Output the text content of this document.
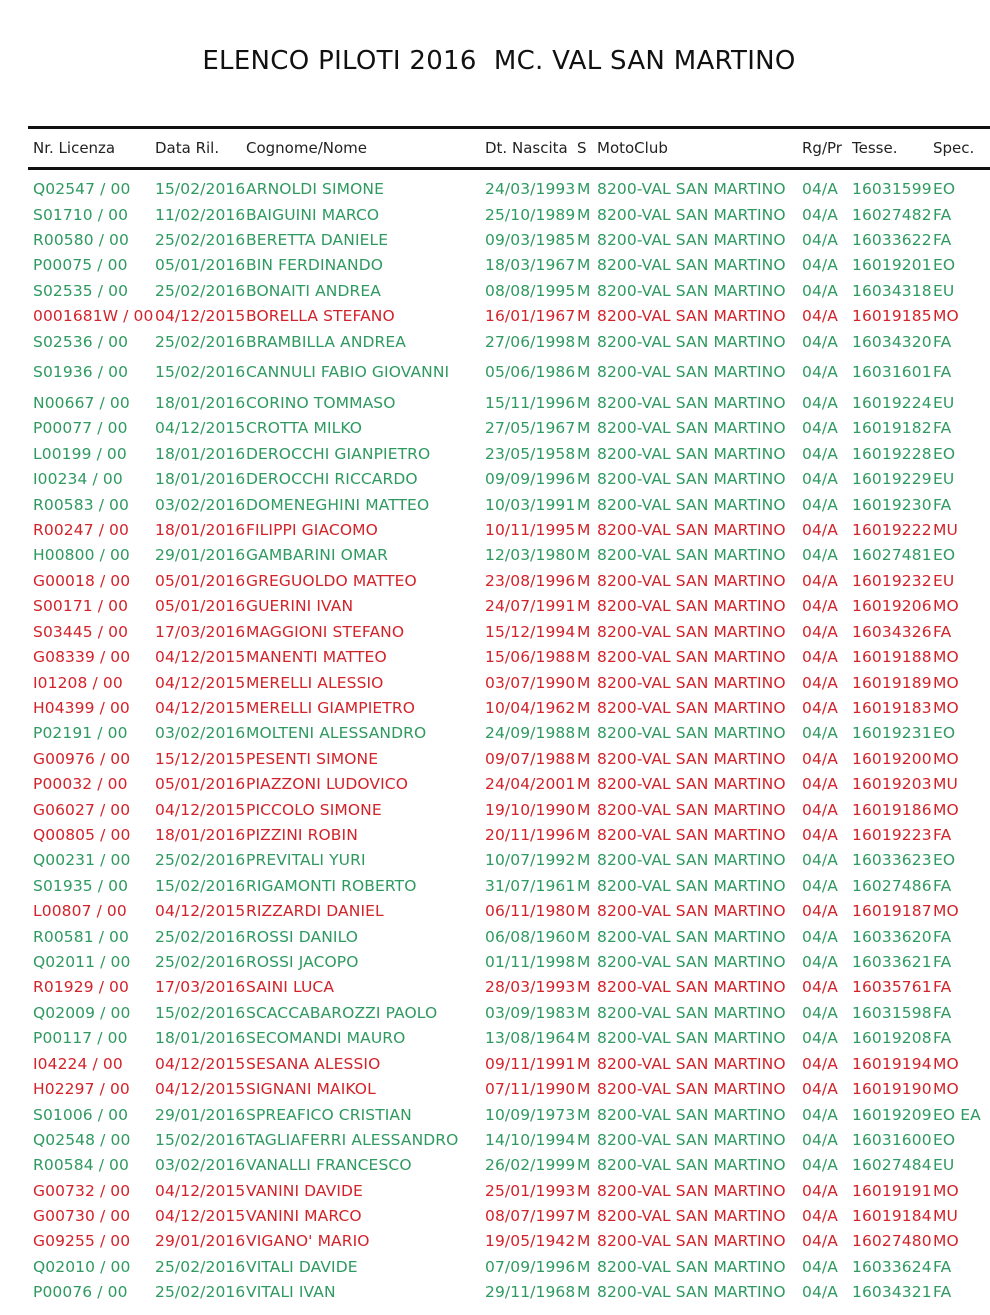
ELENCO PILOTI 2016  MC. VAL SAN MARTINO
Nr. Licenza	Data Ril. Cognome/Nome	Dt. Nascita S MotoClub	Rg/Pr Tesse. Spec.
Q02547 / 00 15/02/2016 ARNOLDI SIMONE	24/03/1993 M 8200-VAL SAN MARTINO 04/A 16031599 EO
S01710 / 00 11/02/2016 BAIGUINI MARCO	25/10/1989 M 8200-VAL SAN MARTINO 04/A 16027482 FA
R00580 / 00 25/02/2016 BERETTA DANIELE	09/03/1985 M 8200-VAL SAN MARTINO 04/A 16033622 FA
P00075 / 00 05/01/2016 BIN FERDINANDO	18/03/1967 M 8200-VAL SAN MARTINO 04/A 16019201 EO
S02535 / 00 25/02/2016 BONAITI ANDREA	08/08/1995 M 8200-VAL SAN MARTINO 04/A 16034318 EU
0001681W / 00 04/12/2015 BORELLA STEFANO	16/01/1967 M 8200-VAL SAN MARTINO 04/A 16019185 MO
S02536 / 00 25/02/2016 BRAMBILLA ANDREA	27/06/1998 M 8200-VAL SAN MARTINO 04/A 16034320 FA
S01936 / 00 15/02/2016 CANNULI FABIO GIOVANNI 05/06/1986 M 8200-VAL SAN MARTINO 04/A 16031601 FA
N00667 / 00 18/01/2016 CORINO TOMMASO	15/11/1996 M 8200-VAL SAN MARTINO 04/A 16019224 EU
P00077 / 00 04/12/2015 CROTTA MILKO	27/05/1967 M 8200-VAL SAN MARTINO 04/A 16019182 FA
L00199 / 00 18/01/2016 DEROCCHI GIANPIETRO	23/05/1958 M 8200-VAL SAN MARTINO 04/A 16019228 EO
I00234 / 00 18/01/2016 DEROCCHI RICCARDO	09/09/1996 M 8200-VAL SAN MARTINO 04/A 16019229 EU
R00583 / 00 03/02/2016 DOMENEGHINI MATTEO	10/03/1991 M 8200-VAL SAN MARTINO 04/A 16019230 FA
R00247 / 00 18/01/2016 FILIPPI GIACOMO	10/11/1995 M 8200-VAL SAN MARTINO 04/A 16019222 MU
H00800 / 00 29/01/2016 GAMBARINI OMAR	12/03/1980 M 8200-VAL SAN MARTINO 04/A 16027481 EO
G00018 / 00 05/01/2016 GREGUOLDO MATTEO	23/08/1996 M 8200-VAL SAN MARTINO 04/A 16019232 EU
S00171 / 00 05/01/2016 GUERINI IVAN	24/07/1991 M 8200-VAL SAN MARTINO 04/A 16019206 MO
S03445 / 00 17/03/2016 MAGGIONI STEFANO	15/12/1994 M 8200-VAL SAN MARTINO 04/A 16034326 FA
G08339 / 00 04/12/2015 MANENTI MATTEO	15/06/1988 M 8200-VAL SAN MARTINO 04/A 16019188 MO
I01208 / 00 04/12/2015 MERELLI ALESSIO	03/07/1990 M 8200-VAL SAN MARTINO 04/A 16019189 MO
H04399 / 00 04/12/2015 MERELLI GIAMPIETRO	10/04/1962 M 8200-VAL SAN MARTINO 04/A 16019183 MO
P02191 / 00 03/02/2016 MOLTENI ALESSANDRO	24/09/1988 M 8200-VAL SAN MARTINO 04/A 16019231 EO
G00976 / 00 15/12/2015 PESENTI SIMONE	09/07/1988 M 8200-VAL SAN MARTINO 04/A 16019200 MO
P00032 / 00 05/01/2016 PIAZZONI LUDOVICO	24/04/2001 M 8200-VAL SAN MARTINO 04/A 16019203 MU
G06027 / 00 04/12/2015 PICCOLO SIMONE	19/10/1990 M 8200-VAL SAN MARTINO 04/A 16019186 MO
Q00805 / 00 18/01/2016 PIZZINI ROBIN	20/11/1996 M 8200-VAL SAN MARTINO 04/A 16019223 FA
Q00231 / 00 25/02/2016 PREVITALI YURI	10/07/1992 M 8200-VAL SAN MARTINO 04/A 16033623 EO
S01935 / 00 15/02/2016 RIGAMONTI ROBERTO	31/07/1961 M 8200-VAL SAN MARTINO 04/A 16027486 FA
L00807 / 00 04/12/2015 RIZZARDI DANIEL	06/11/1980 M 8200-VAL SAN MARTINO 04/A 16019187 MO
R00581 / 00 25/02/2016 ROSSI DANILO	06/08/1960 M 8200-VAL SAN MARTINO 04/A 16033620 FA
Q02011 / 00 25/02/2016 ROSSI JACOPO	01/11/1998 M 8200-VAL SAN MARTINO 04/A 16033621 FA
R01929 / 00 17/03/2016 SAINI LUCA	28/03/1993 M 8200-VAL SAN MARTINO 04/A 16035761 FA
Q02009 / 00 15/02/2016 SCACCABAROZZI PAOLO	03/09/1983 M 8200-VAL SAN MARTINO 04/A 16031598 FA
P00117 / 00 18/01/2016 SECOMANDI MAURO	13/08/1964 M 8200-VAL SAN MARTINO 04/A 16019208 FA
I04224 / 00 04/12/2015 SESANA ALESSIO	09/11/1991 M 8200-VAL SAN MARTINO 04/A 16019194 MO
H02297 / 00 04/12/2015 SIGNANI MAIKOL	07/11/1990 M 8200-VAL SAN MARTINO 04/A 16019190 MO
S01006 / 00 29/01/2016 SPREAFICO CRISTIAN	10/09/1973 M 8200-VAL SAN MARTINO 04/A 16019209 EO EA
Q02548 / 00 15/02/2016 TAGLIAFERRI ALESSANDRO 14/10/1994 M 8200-VAL SAN MARTINO 04/A 16031600 EO
R00584 / 00 03/02/2016 VANALLI FRANCESCO	26/02/1999 M 8200-VAL SAN MARTINO 04/A 16027484 EU
G00732 / 00 04/12/2015 VANINI DAVIDE	25/01/1993 M 8200-VAL SAN MARTINO 04/A 16019191 MO
G00730 / 00 04/12/2015 VANINI MARCO	08/07/1997 M 8200-VAL SAN MARTINO 04/A 16019184 MU
G09255 / 00 29/01/2016 VIGANO' MARIO	19/05/1942 M 8200-VAL SAN MARTINO 04/A 16027480 MO
Q02010 / 00 25/02/2016 VITALI DAVIDE	07/09/1996 M 8200-VAL SAN MARTINO 04/A 16033624 FA
P00076 / 00 25/02/2016 VITALI IVAN	29/11/1968 M 8200-VAL SAN MARTINO 04/A 16034321 FA
